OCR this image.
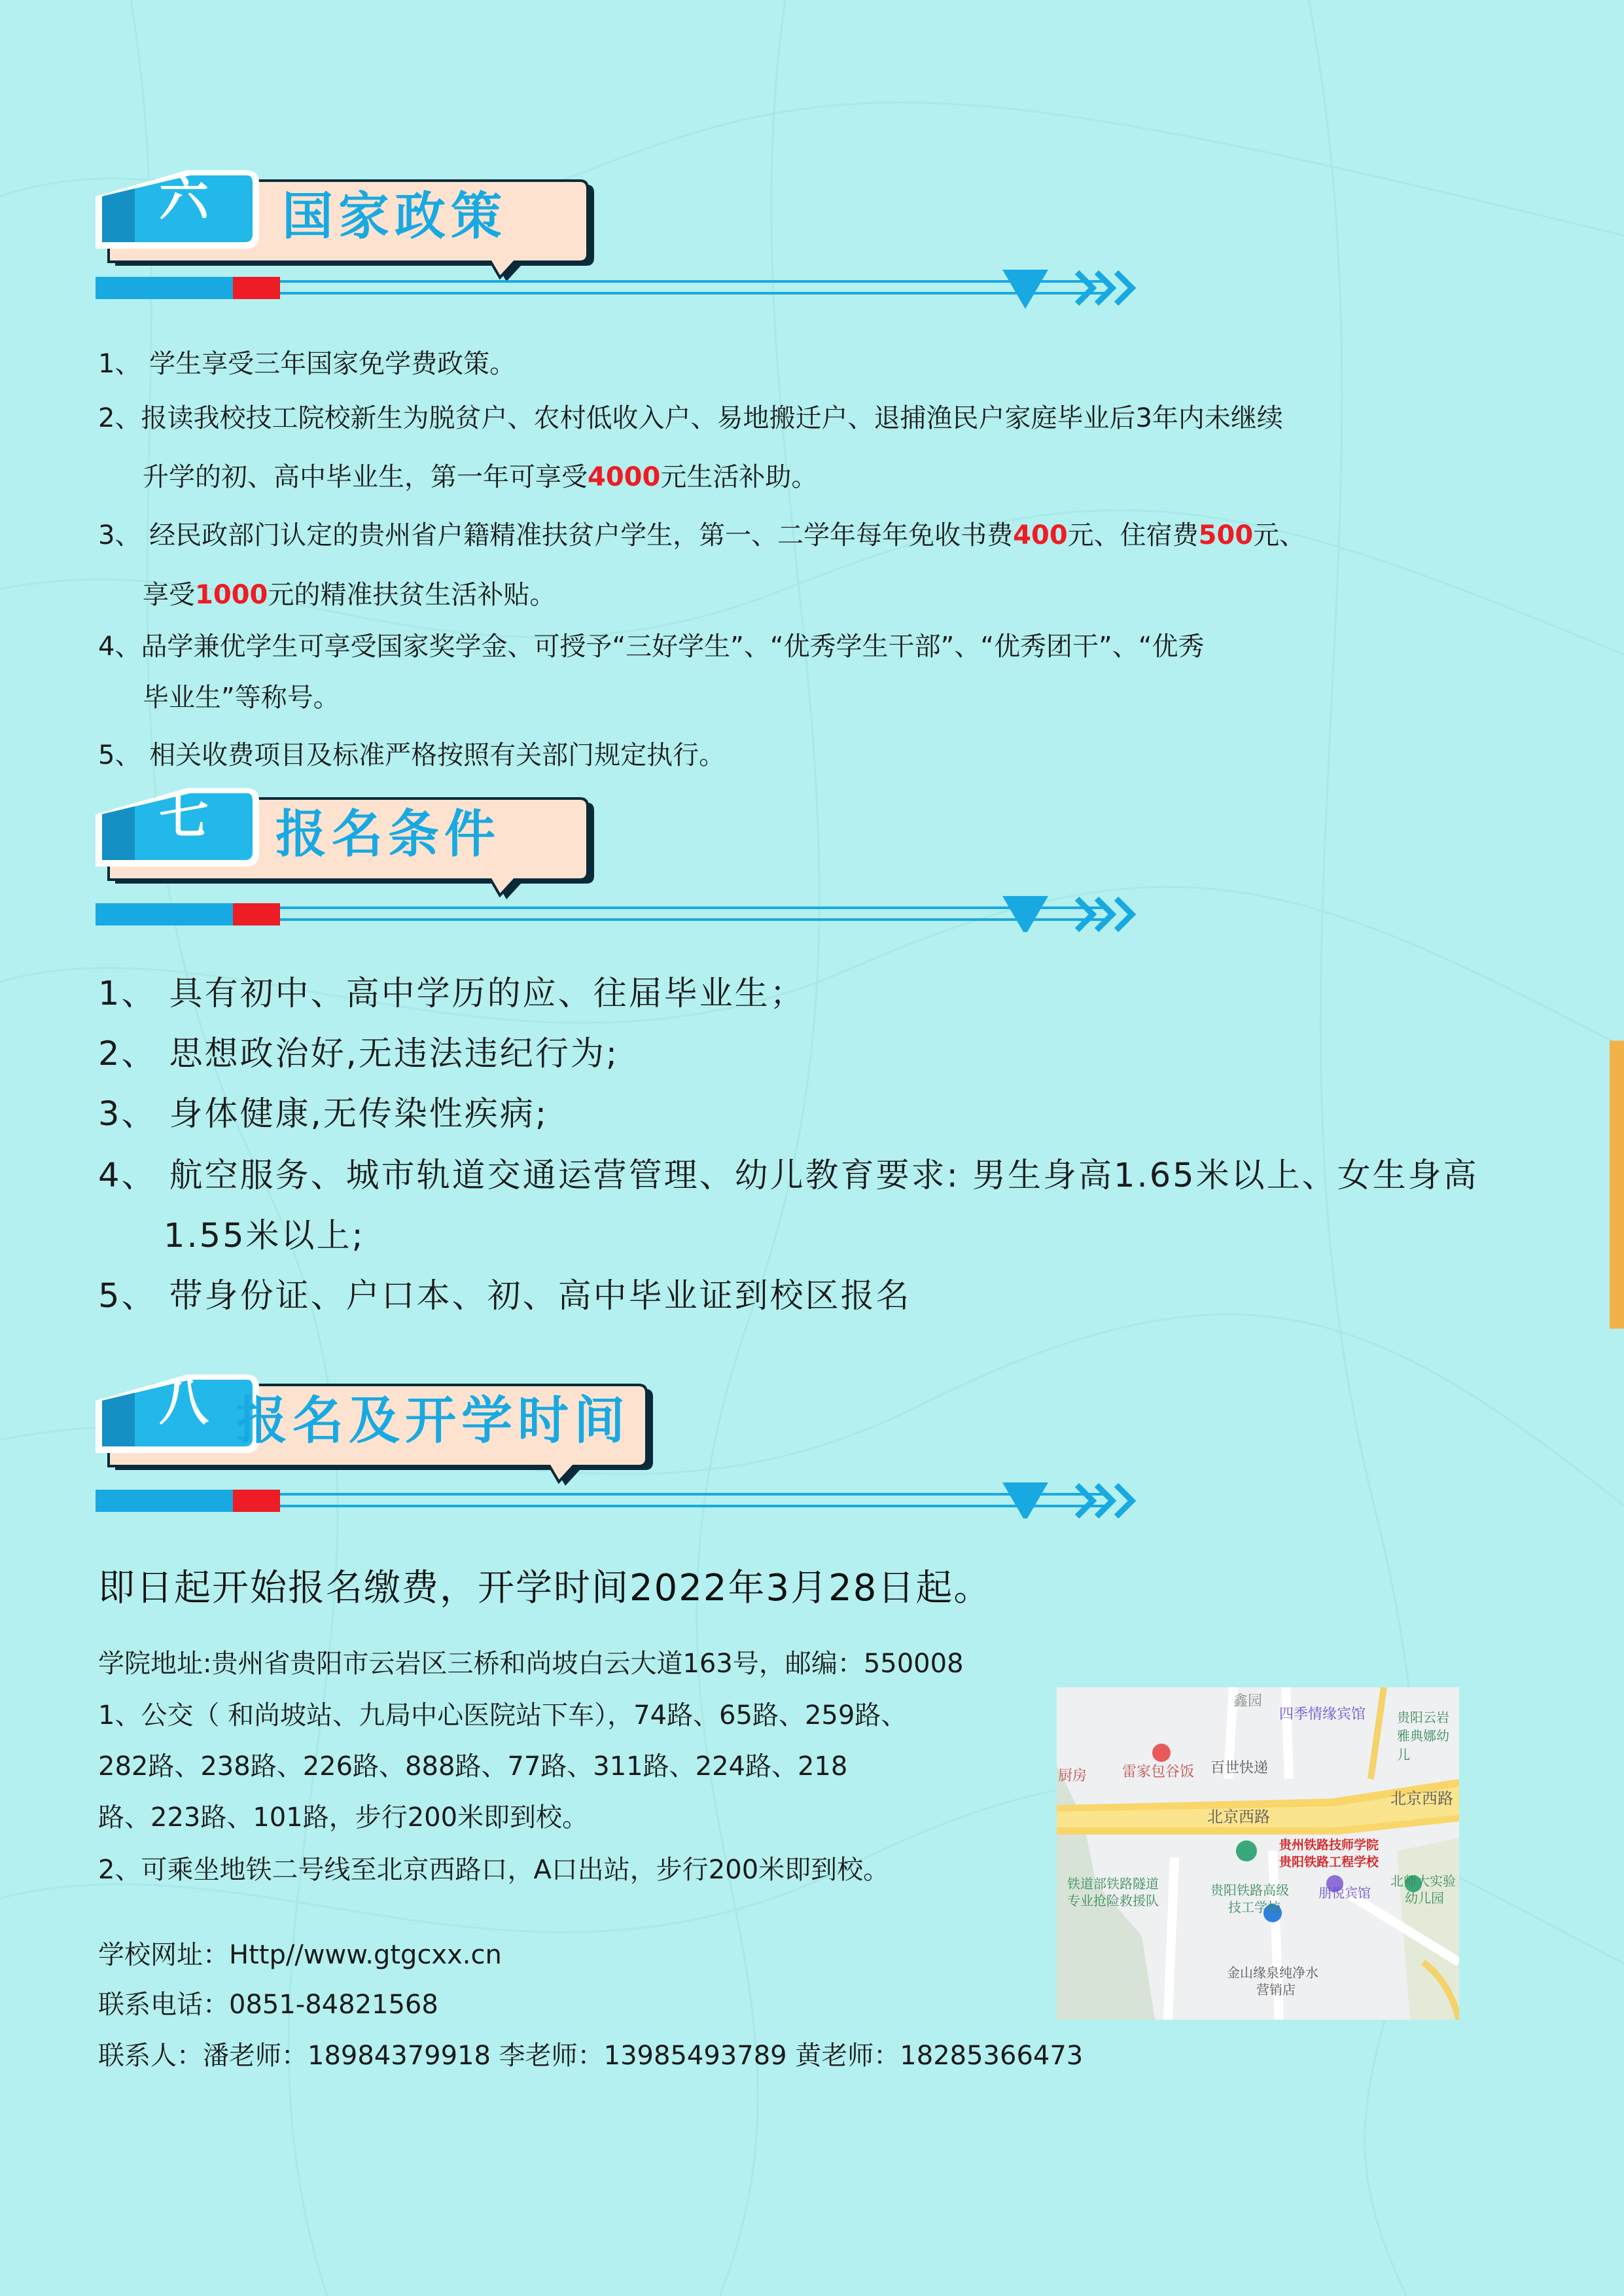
六	国家政策
1、 学生享受三年国家免学费政策。
2、报读我校技工院校新生为脱贫户、农村低收入户、易地搬迁户、退捕渔民户家庭毕业后3年内未继续
升学的初、高中毕业生，第一年可享受4000元生活补助。
3、 经民政部门认定的贵州省户籍精准扶贫户学生，第一、二学年每年免收书费400元、住宿费500元、
享受1000元的精准扶贫生活补贴。
4、品学兼优学生可享受国家奖学金、可授予“三好学生”、“优秀学生干部”、“优秀团干”、“优秀
毕业生”等称号。
5、 相关收费项目及标准严格按照有关部门规定执行。
七	报名条件
1、 具有初中、高中学历的应、往届毕业生；
2、 思想政治好,无违法违纪行为;
3、 身体健康,无传染性疾病;
4、 航空服务、城市轨道交通运营管理、幼儿教育要求: 男生身高1.65米以上、女生身高
1.55米以上;
5、 带身份证、户口本、初、高中毕业证到校区报名
八 报名及开学时间
即日起开始报名缴费，开学时间2022年3月28日起。
学院地址:贵州省贵阳市云岩区三桥和尚坡白云大道163号，邮编：550008
1、公交（ 和尚坡站、九局中心医院站下车），74路、65路、259路、
282路、238路、226路、888路、77路、311路、224路、218
路、223路、101路，步行200米即到校。
2、可乘坐地铁二号线至北京西路口，A口出站，步行200米即到校。
学校网址：Http//www.gtgcxx.cn
联系电话：0851-84821568
联系人：潘老师：18984379918 李老师：13985493789 黄老师：18285366473
鑫园
四季情缘宾馆 贵阳云岩
雅典娜幼儿
厨房 雷家包谷饭 百世快递
北京西路
北京西路
贵州铁路技师学院
贵阳铁路工程学校
铁道部铁路隧道
专业抢险救援队
贵阳铁路高级
技工学校
朋悦宾馆
北师大实验
幼儿园
金山缘泉纯净水
营销店
